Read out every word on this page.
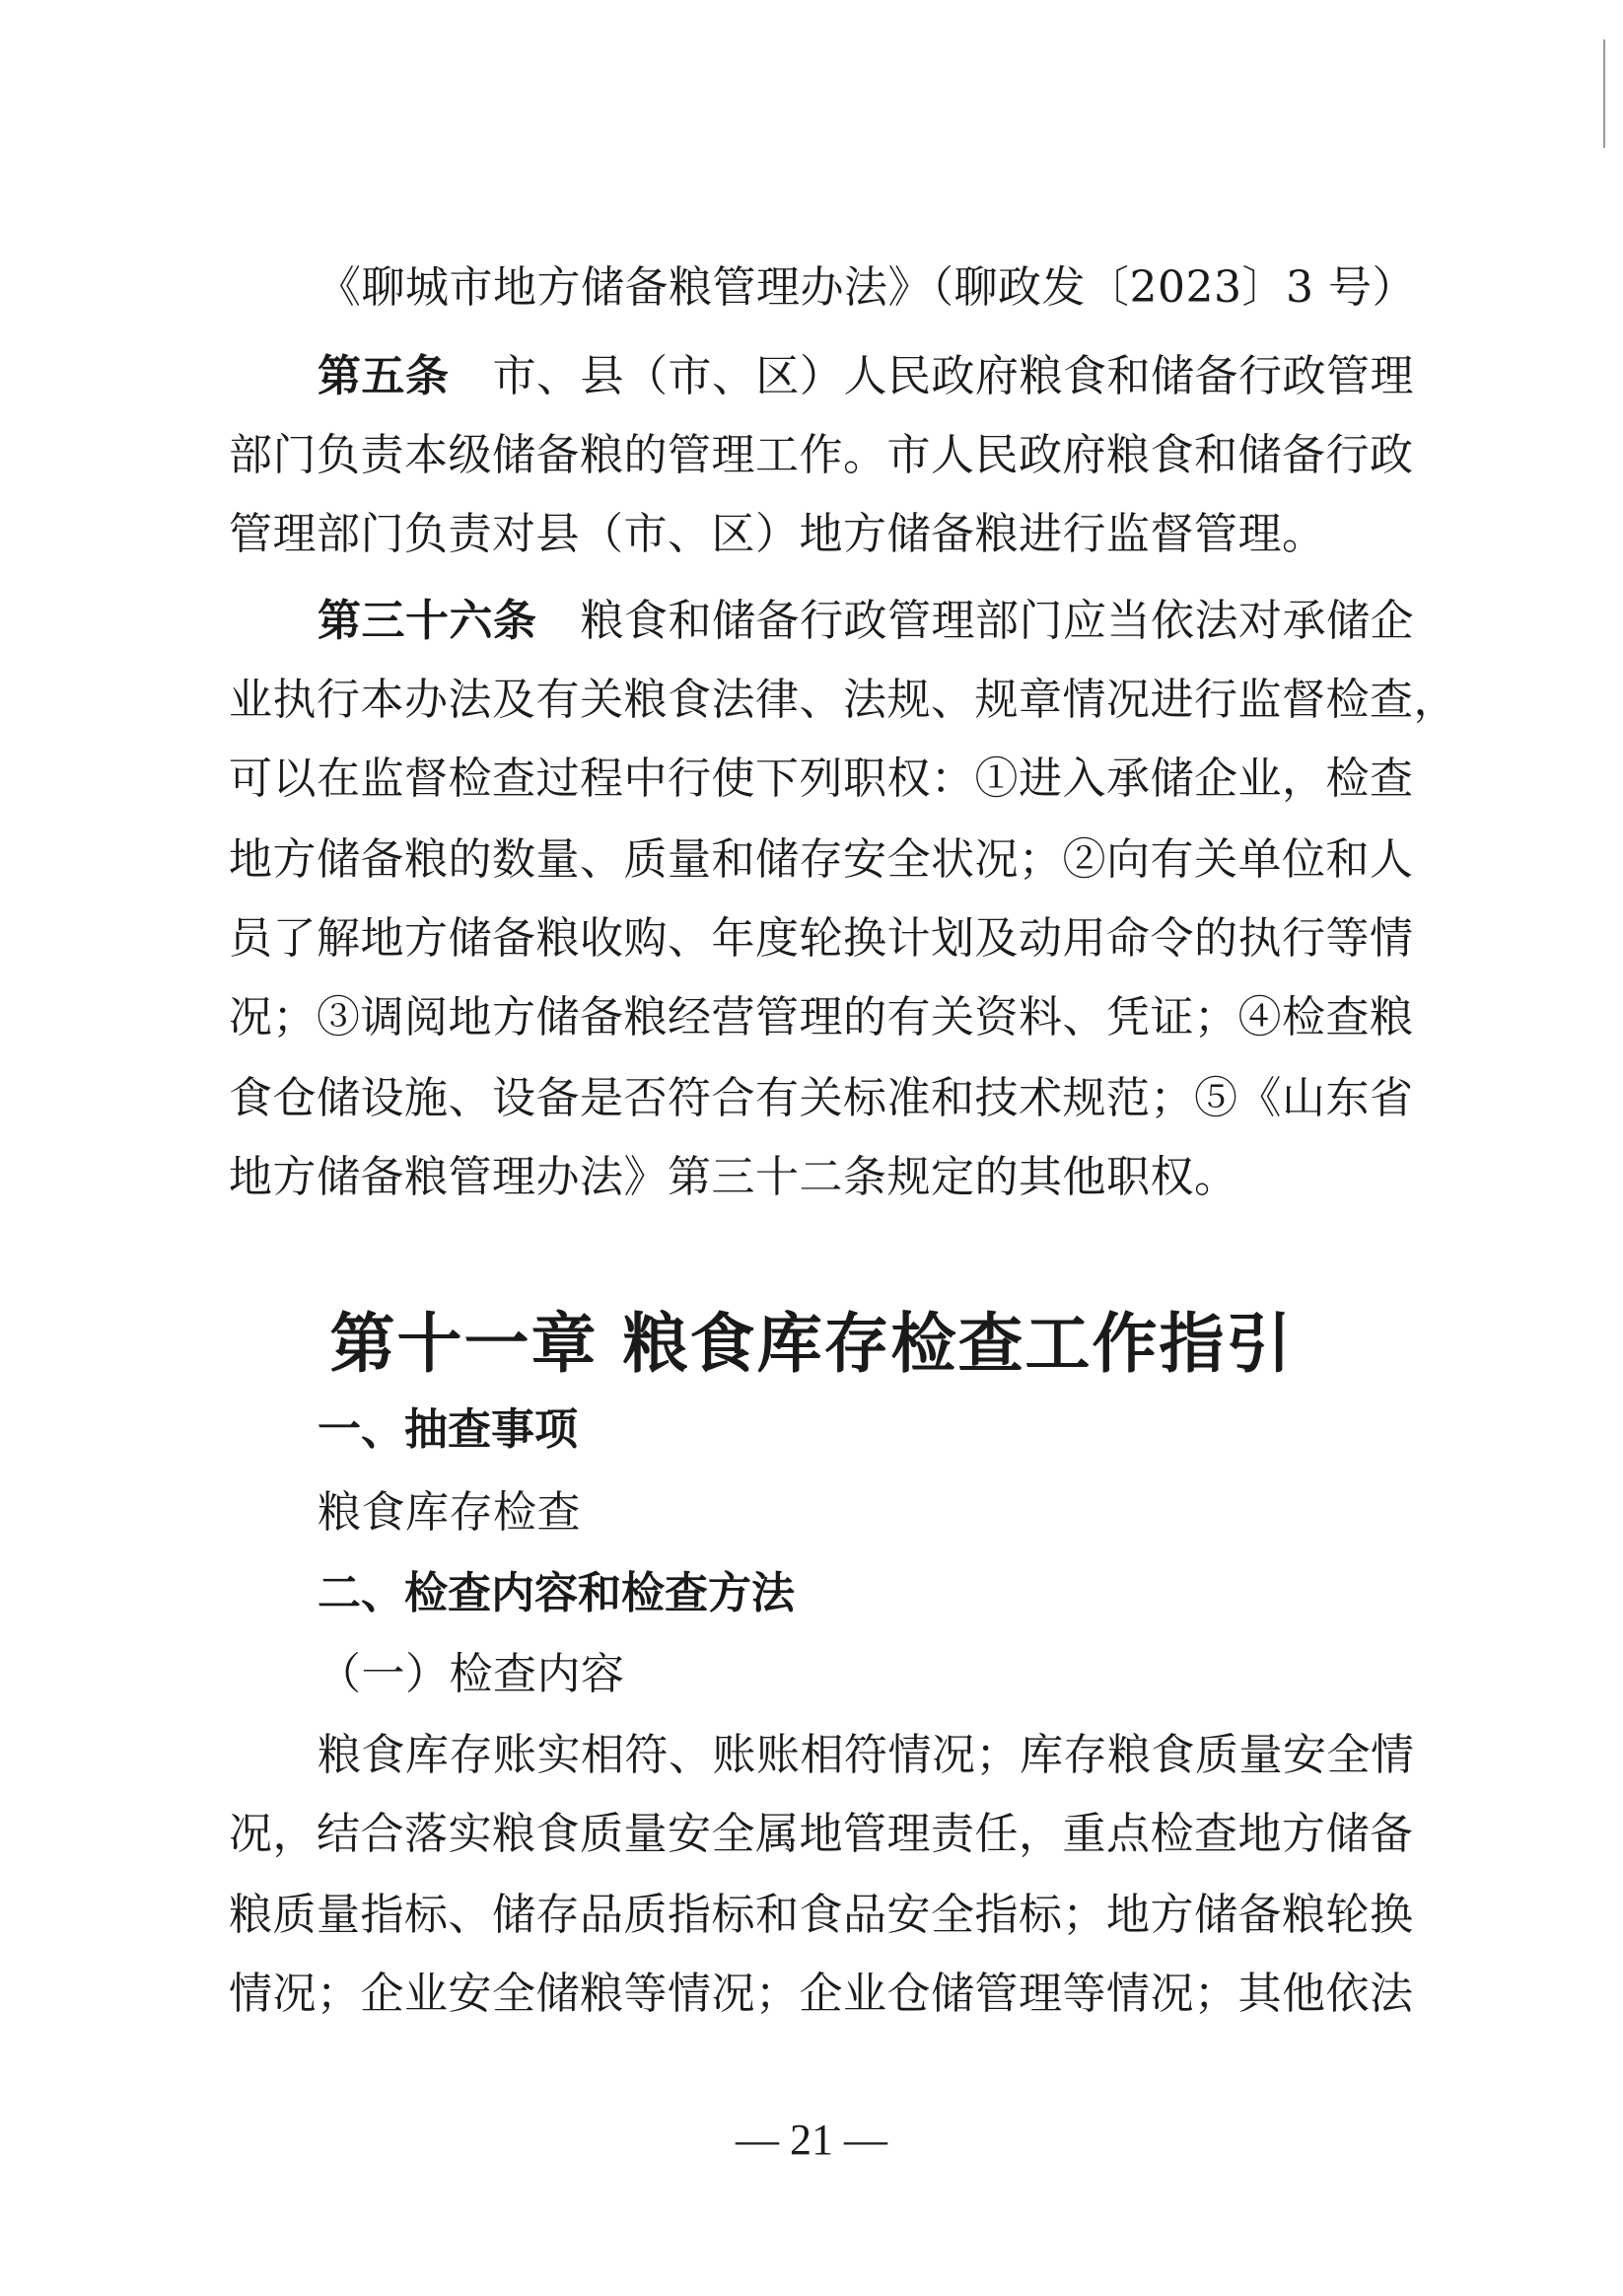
《聊城市地方储备粮管理办法》（聊政发〔2023〕3 号）
第五条 市、县（市、区）人民政府粮食和储备行政管理
部门负责本级储备粮的管理工作。市人民政府粮食和储备行政
管理部门负责对县（市、区）地方储备粮进行监督管理。
第三十六条 粮食和储备行政管理部门应当依法对承储企
业执行本办法及有关粮食法律、法规、规章情况进行监督检查，
可以在监督检查过程中行使下列职权：①进入承储企业，检查
地方储备粮的数量、质量和储存安全状况；②向有关单位和人
员了解地方储备粮收购、年度轮换计划及动用命令的执行等情
况；③调阅地方储备粮经营管理的有关资料、凭证；④检查粮
食仓储设施、设备是否符合有关标准和技术规范；⑤《山东省
地方储备粮管理办法》第三十二条规定的其他职权。
第十一章 粮食库存检查工作指引
一、抽查事项
粮食库存检查
二、检查内容和检查方法
（一）检查内容
粮食库存账实相符、账账相符情况；库存粮食质量安全情
况，结合落实粮食质量安全属地管理责任，重点检查地方储备
粮质量指标、储存品质指标和食品安全指标；地方储备粮轮换
情况；企业安全储粮等情况；企业仓储管理等情况；其他依法
— 21 —
